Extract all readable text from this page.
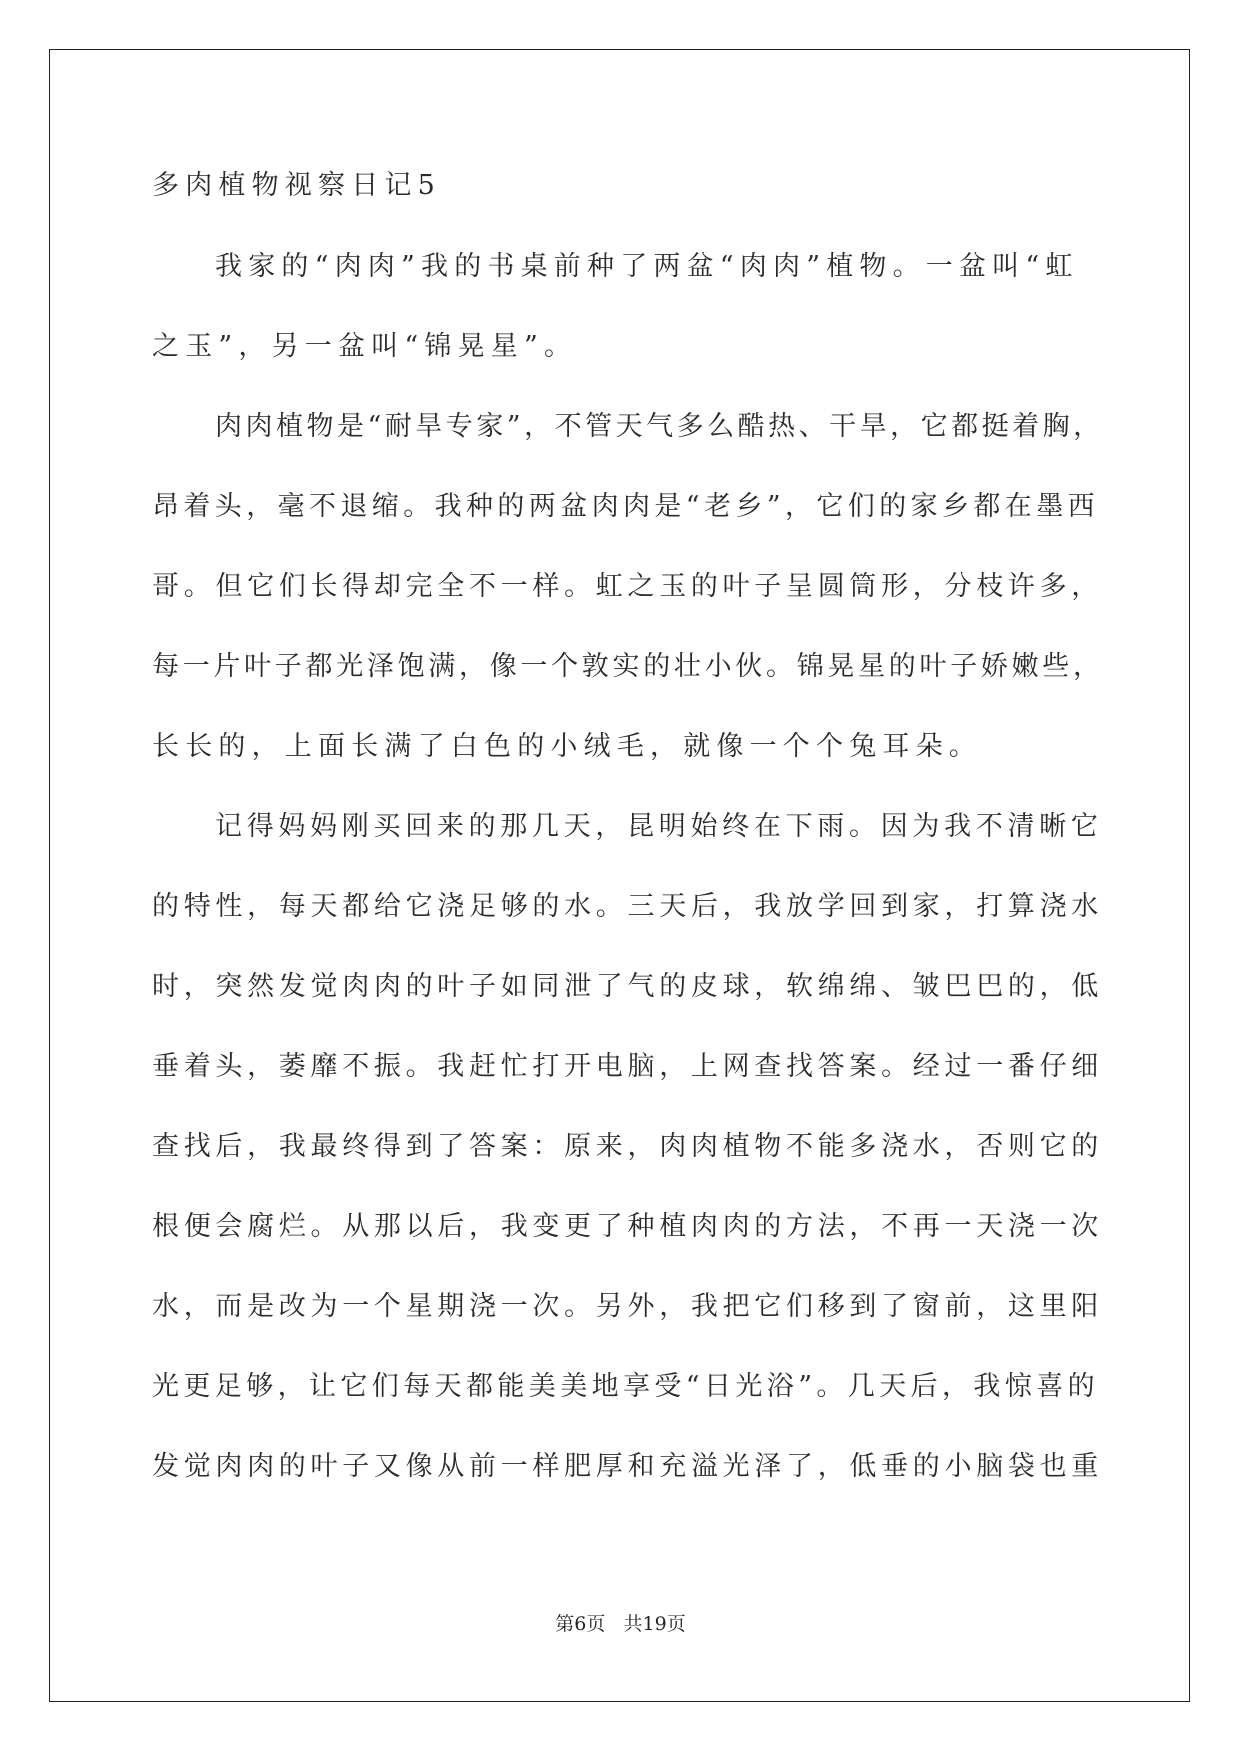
多肉植物视察日记5
我家的“肉肉”我的书桌前种了两盆“肉肉”植物。一盆叫“虹
之玉”，另一盆叫“锦晃星”。
肉肉植物是“耐旱专家”，不管天气多么酷热、干旱，它都挺着胸，
昂着头，毫不退缩。我种的两盆肉肉是“老乡”，它们的家乡都在墨西
哥。但它们长得却完全不一样。虹之玉的叶子呈圆筒形，分枝许多，
每一片叶子都光泽饱满，像一个敦实的壮小伙。锦晃星的叶子娇嫩些，
长长的，上面长满了白色的小绒毛，就像一个个兔耳朵。
记得妈妈刚买回来的那几天，昆明始终在下雨。因为我不清晰它
的特性，每天都给它浇足够的水。三天后，我放学回到家，打算浇水
时，突然发觉肉肉的叶子如同泄了气的皮球，软绵绵、皱巴巴的，低
垂着头，萎靡不振。我赶忙打开电脑，上网查找答案。经过一番仔细
查找后，我最终得到了答案：原来，肉肉植物不能多浇水，否则它的
根便会腐烂。从那以后，我变更了种植肉肉的方法，不再一天浇一次
水，而是改为一个星期浇一次。另外，我把它们移到了窗前，这里阳
光更足够，让它们每天都能美美地享受“日光浴”。几天后，我惊喜的
发觉肉肉的叶子又像从前一样肥厚和充溢光泽了，低垂的小脑袋也重
第6页 共19页
